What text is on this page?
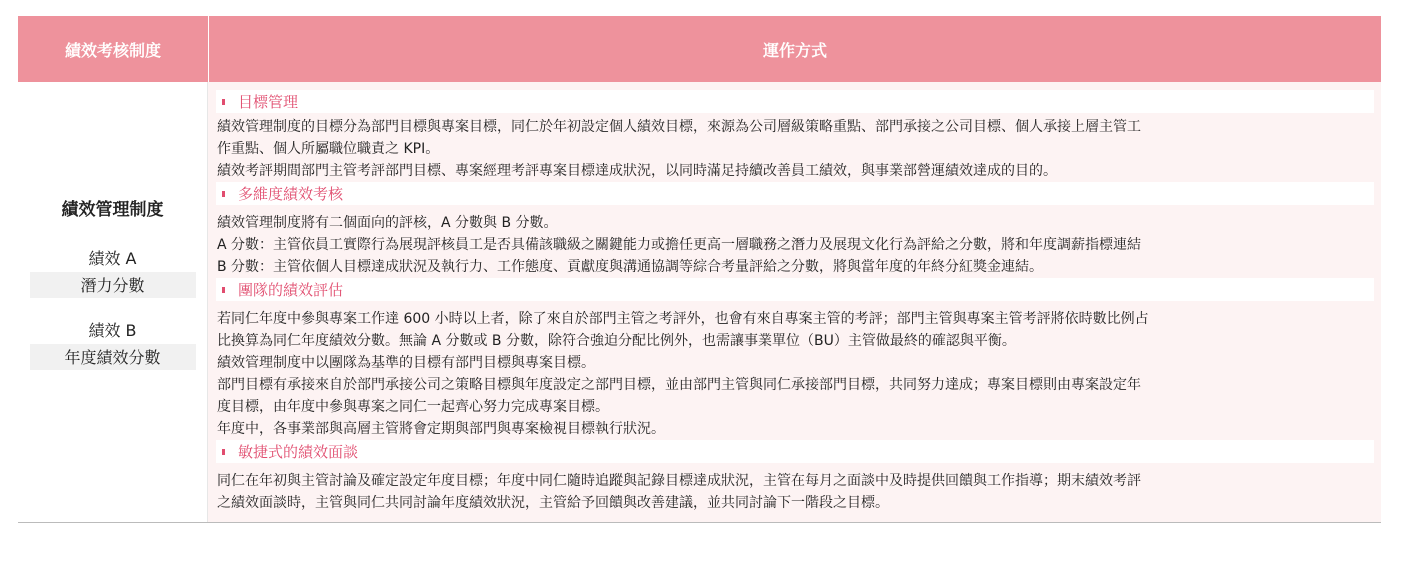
績效考核制度	運作方式
績效管理制度
績效 A
潛力分數
績效 B
年度績效分數
目標管理
績效管理制度的目標分為部門目標與專案目標，同仁於年初設定個人績效目標，來源為公司層級策略重點、部門承接之公司目標、個人承接上層主管工
作重點、個人所屬職位職責之 KPI。
績效考評期間部門主管考評部門目標、專案經理考評專案目標達成狀況，以同時滿足持續改善員工績效，與事業部營運績效達成的目的。
多維度績效考核
績效管理制度將有二個面向的評核，A 分數與 B 分數。
A 分數：主管依員工實際行為展現評核員工是否具備該職級之關鍵能力或擔任更高一層職務之潛力及展現文化行為評給之分數，將和年度調薪指標連結
B 分數：主管依個人目標達成狀況及執行力、工作態度、貢獻度與溝通協調等綜合考量評給之分數，將與當年度的年終分紅獎金連結。
團隊的績效評估
若同仁年度中參與專案工作達 600 小時以上者，除了來自於部門主管之考評外，也會有來自專案主管的考評；部門主管與專案主管考評將依時數比例占
比換算為同仁年度績效分數。無論 A 分數或 B 分數，除符合強迫分配比例外，也需讓事業單位（BU）主管做最終的確認與平衡。
績效管理制度中以團隊為基準的目標有部門目標與專案目標。
部門目標有承接來自於部門承接公司之策略目標與年度設定之部門目標，並由部門主管與同仁承接部門目標，共同努力達成；專案目標則由專案設定年
度目標，由年度中參與專案之同仁一起齊心努力完成專案目標。
年度中，各事業部與高層主管將會定期與部門與專案檢視目標執行狀況。
敏捷式的績效面談
同仁在年初與主管討論及確定設定年度目標；年度中同仁隨時追蹤與記錄目標達成狀況，主管在每月之面談中及時提供回饋與工作指導；期末績效考評
之績效面談時，主管與同仁共同討論年度績效狀況，主管給予回饋與改善建議，並共同討論下一階段之目標。
